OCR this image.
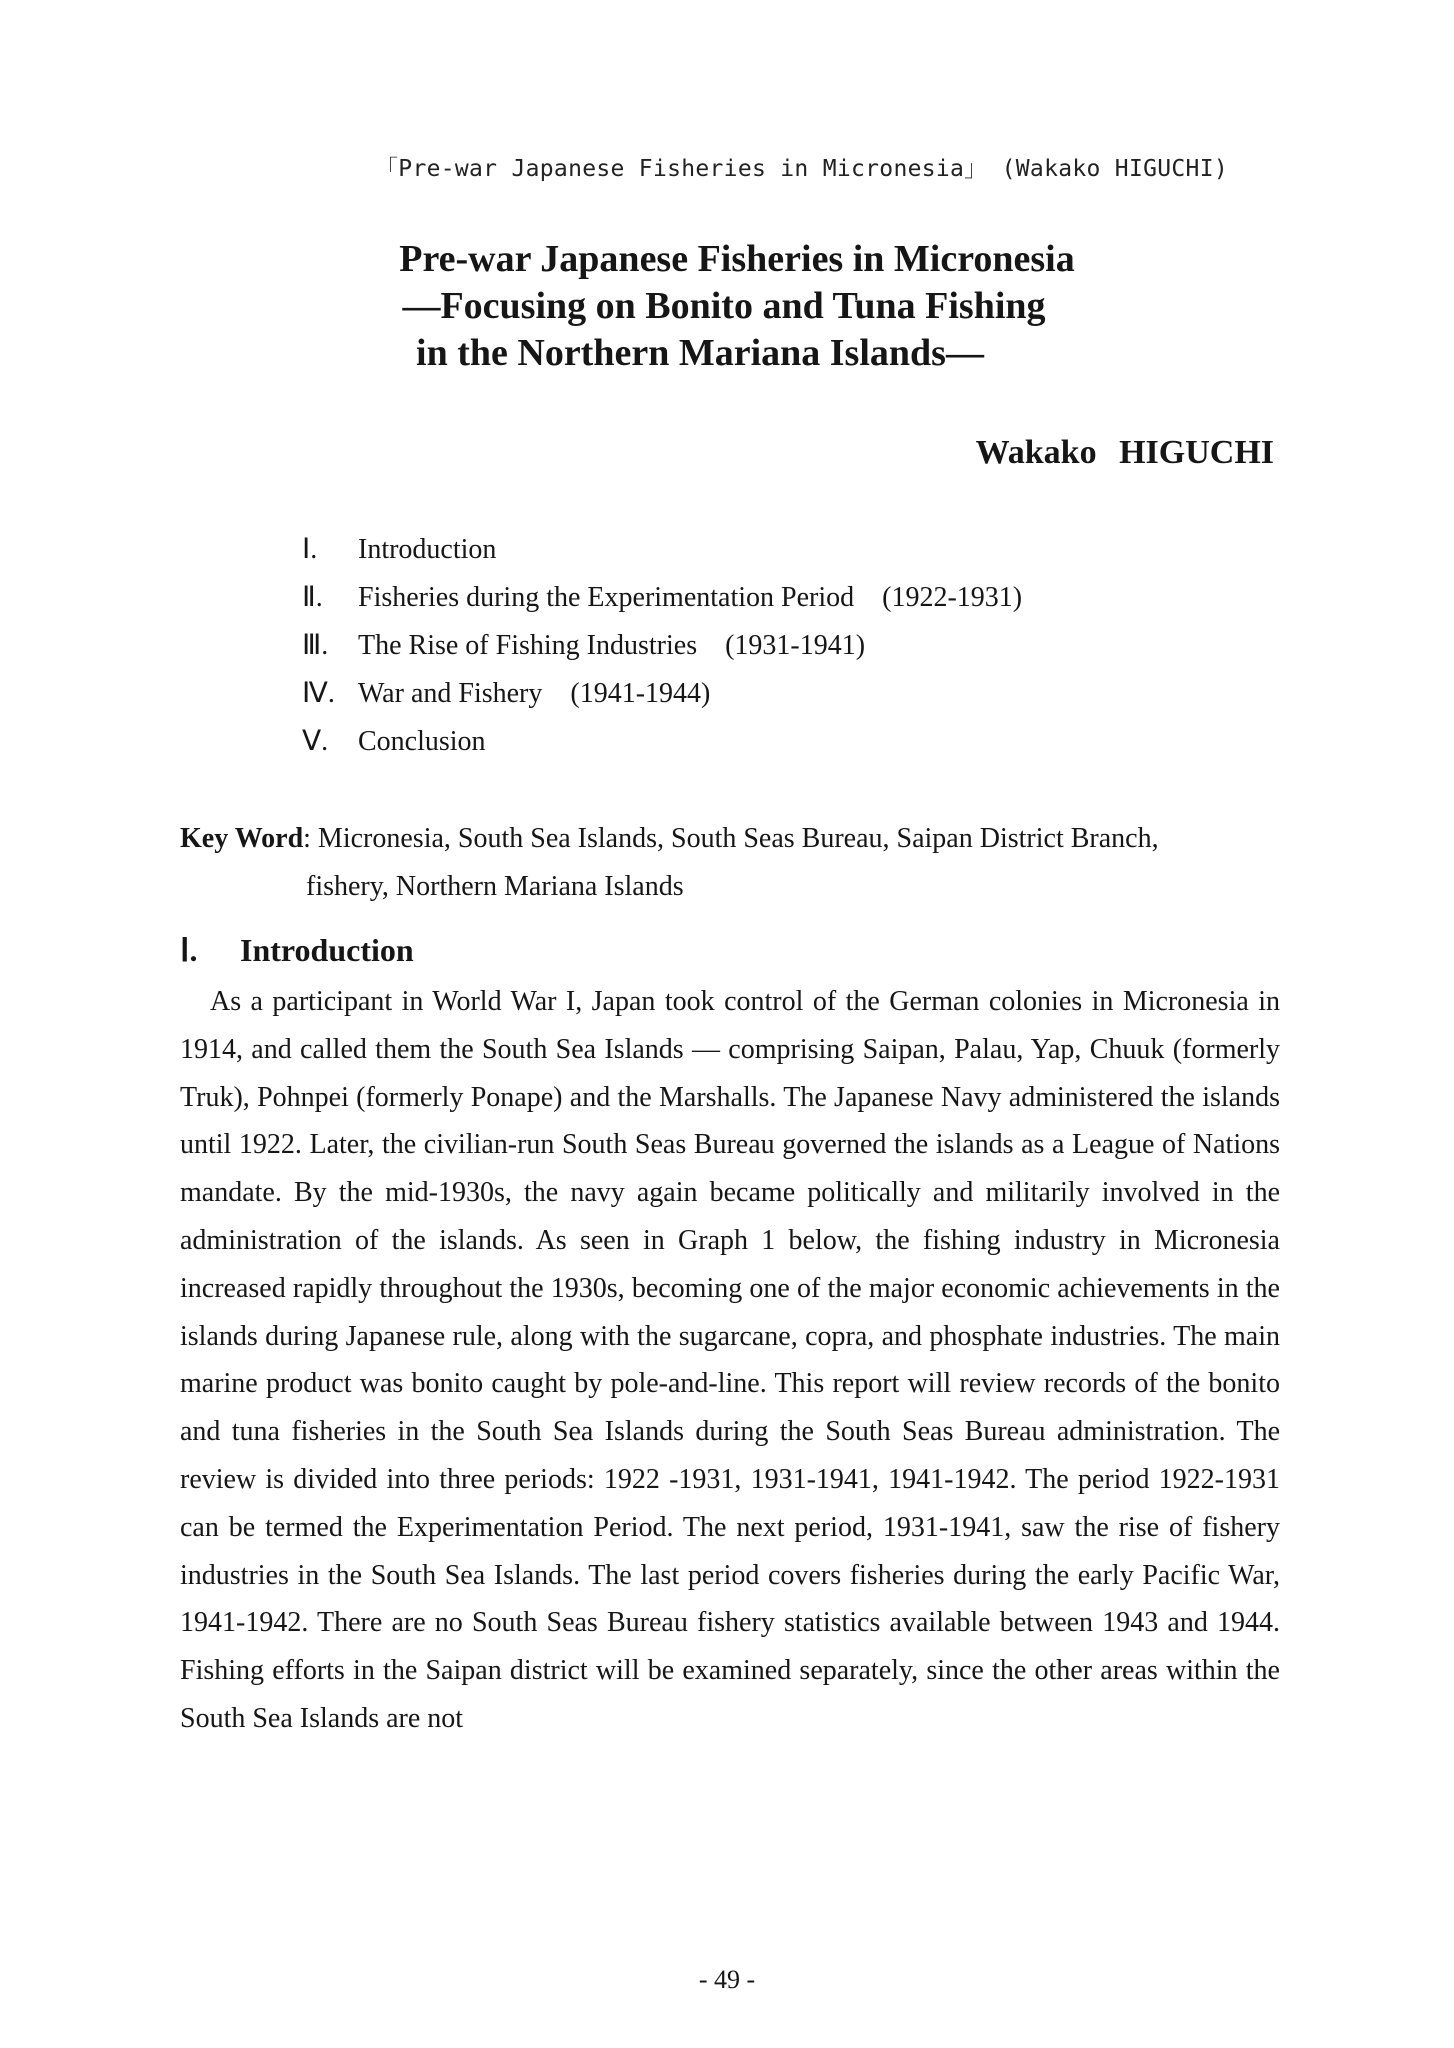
「Pre-war Japanese Fisheries in Micronesia」 (Wakako HIGUCHI)
Pre-war Japanese Fisheries in Micronesia
—Focusing on Bonito and Tuna Fishing
in the Northern Mariana Islands—
Wakako HIGUCHI
Ⅰ. Introduction
Ⅱ. Fisheries during the Experimentation Period　(1922-1931)
Ⅲ. The Rise of Fishing Industries　(1931-1941)
Ⅳ. War and Fishery　(1941-1944)
Ⅴ. Conclusion
Key Word: Micronesia, South Sea Islands, South Seas Bureau, Saipan District Branch,
fishery, Northern Mariana Islands
Ⅰ. Introduction

As a participant in World War I, Japan took control of the German colonies in Micronesia in 1914, and called them the South Sea Islands — comprising Saipan, Palau, Yap, Chuuk (formerly Truk), Pohnpei (formerly Ponape) and the Marshalls. The Japanese Navy administered the islands until 1922. Later, the civilian-run South Seas Bureau governed the islands as a League of Nations mandate. By the mid-1930s, the navy again became politically and militarily involved in the administration of the islands. As seen in Graph 1 below, the fishing industry in Micronesia increased rapidly throughout the 1930s, becoming one of the major economic achievements in the islands during Japanese rule, along with the sugarcane, copra, and phosphate industries. The main marine product was bonito caught by pole-and-line. This report will review records of the bonito and tuna fisheries in the South Sea Islands during the South Seas Bureau administration. The review is divided into three periods: 1922 -1931, 1931-1941, 1941-1942. The period 1922-1931 can be termed the Experimentation Period. The next period, 1931-1941, saw the rise of fishery industries in the South Sea Islands. The last period covers fisheries during the early Pacific War, 1941-1942. There are no South Seas Bureau fishery statistics available between 1943 and 1944. Fishing efforts in the Saipan district will be examined separately, since the other areas within the South Sea Islands are not

- 49 -
